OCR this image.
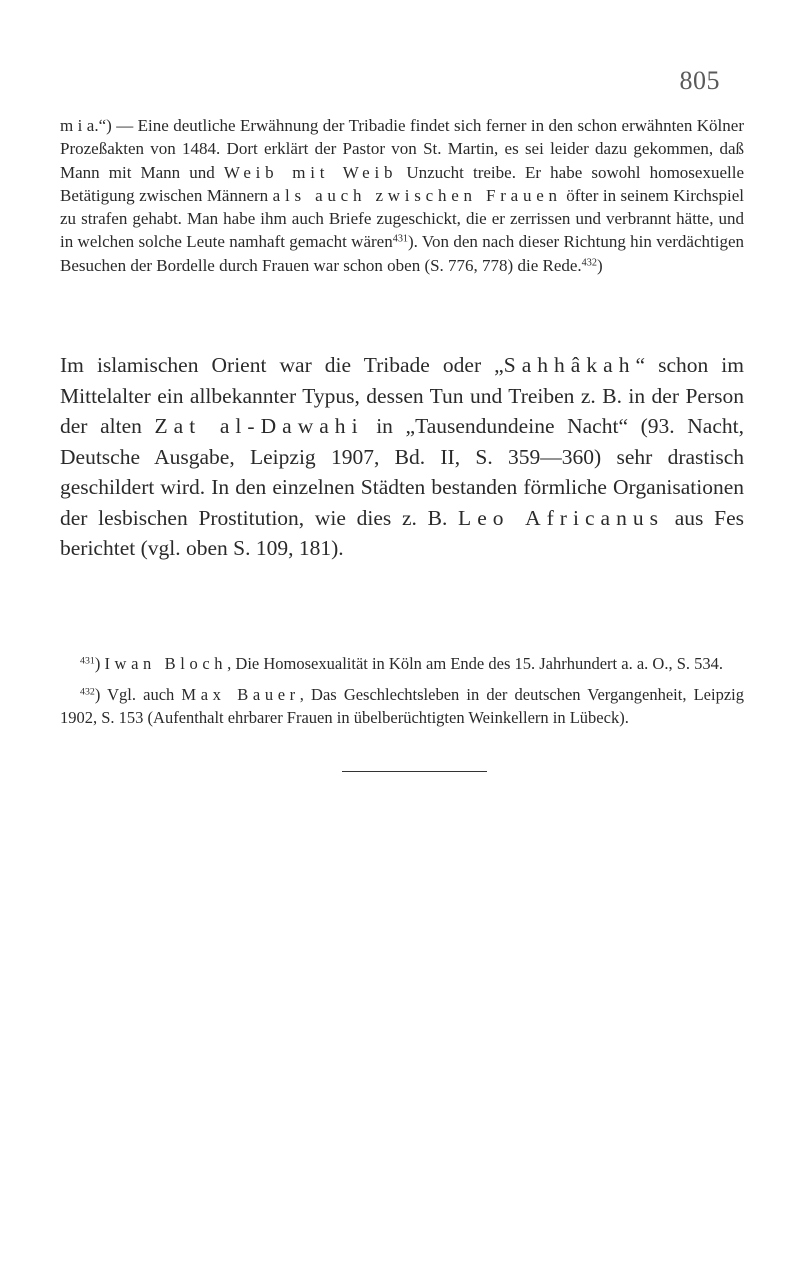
805

m i a.“) — Eine deutliche Erwähnung der Tribadie findet sich ferner in den schon erwähnten Kölner Prozeßakten von 1484. Dort erklärt der Pastor von St. Martin, es sei leider dazu gekommen, daß Mann mit Mann und Weib mit Weib Unzucht treibe. Er habe sowohl homosexuelle Betätigung zwischen Männern als auch zwischen Frauen öfter in seinem Kirchspiel zu strafen gehabt. Man habe ihm auch Briefe zugeschickt, die er zerrissen und verbrannt hätte, und in welchen solche Leute namhaft gemacht wären$^{431}$). Von den nach dieser Richtung hin verdächtigen Besuchen der Bordelle durch Frauen war schon oben (S. 776, 778) die Rede.$^{432}$)

Im islamischen Orient war die Tribade oder „Sahhâkah“ schon im Mittelalter ein allbekannter Typus, dessen Tun und Treiben z. B. in der Person der alten Zat al-Dawahi in „Tausendundeine Nacht“ (93. Nacht, Deutsche Ausgabe, Leipzig 1907, Bd. II, S. 359—360) sehr drastisch geschildert wird. In den einzelnen Städten bestanden förmliche Organisationen der lesbischen Prostitution, wie dies z. B. Leo Africanus aus Fes berichtet (vgl. oben S. 109, 181).

$^{431}$) Iwan Bloch, Die Homosexualität in Köln am Ende des 15. Jahrhundert a. a. O., S. 534.

$^{432}$) Vgl. auch Max Bauer, Das Geschlechtsleben in der deutschen Vergangenheit, Leipzig 1902, S. 153 (Aufenthalt ehrbarer Frauen in übelberüchtigten Weinkellern in Lübeck).
